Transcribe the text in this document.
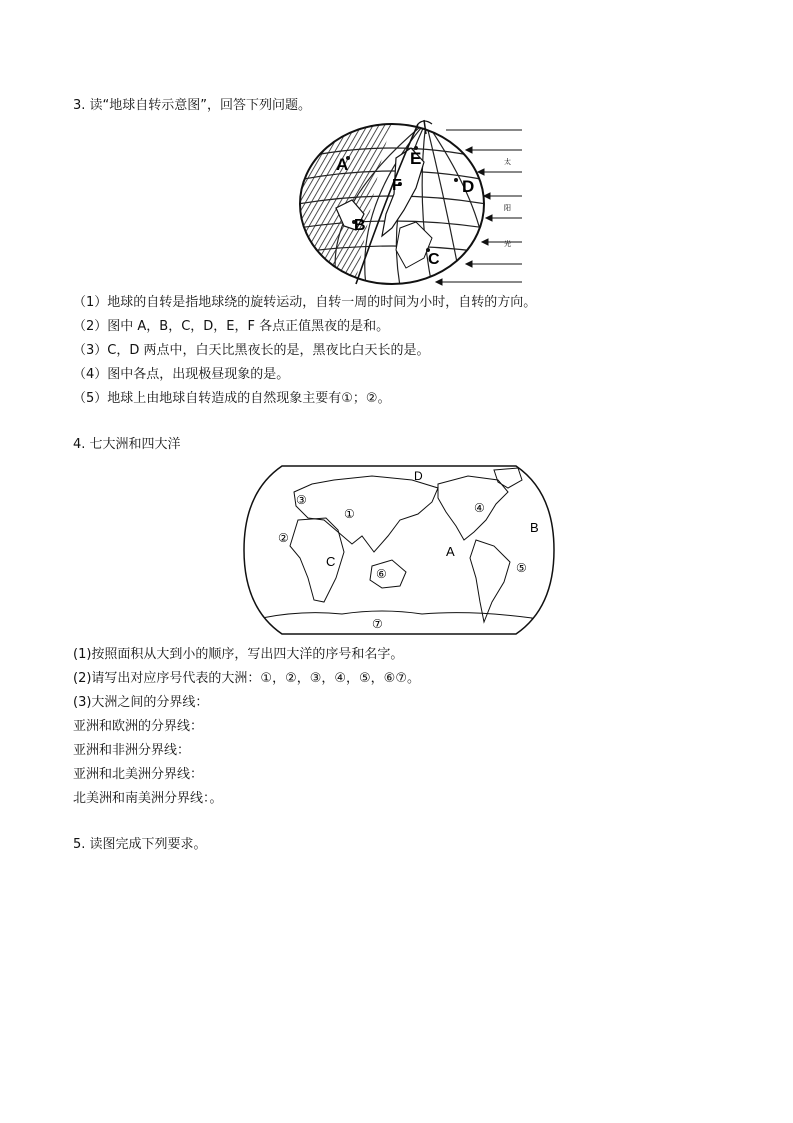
3. 读“地球自转示意图”，回答下列问题。
太
阳
光
A	E
D
F
B
C
（1）地球的自转是指地球绕的旋转运动，自转一周的时间为小时，自转的方向。
（2）图中 A，B，C，D，E，F 各点正值黑夜的是和。
（3）C，D 两点中，白天比黑夜长的是，黑夜比白天长的是。
（4）图中各点，出现极昼现象的是。
（5）地球上由地球自转造成的自然现象主要有①；②。
4. 七大洲和四大洋
D
B
A
C
③
①	④
②
⑤
⑥
⑦
(1)按照面积从大到小的顺序，写出四大洋的序号和名字。
(2)请写出对应序号代表的大洲：①，②，③，④，⑤，⑥⑦。
(3)大洲之间的分界线：
亚洲和欧洲的分界线：
亚洲和非洲分界线：
亚洲和北美洲分界线：
北美洲和南美洲分界线：。
5. 读图完成下列要求。
